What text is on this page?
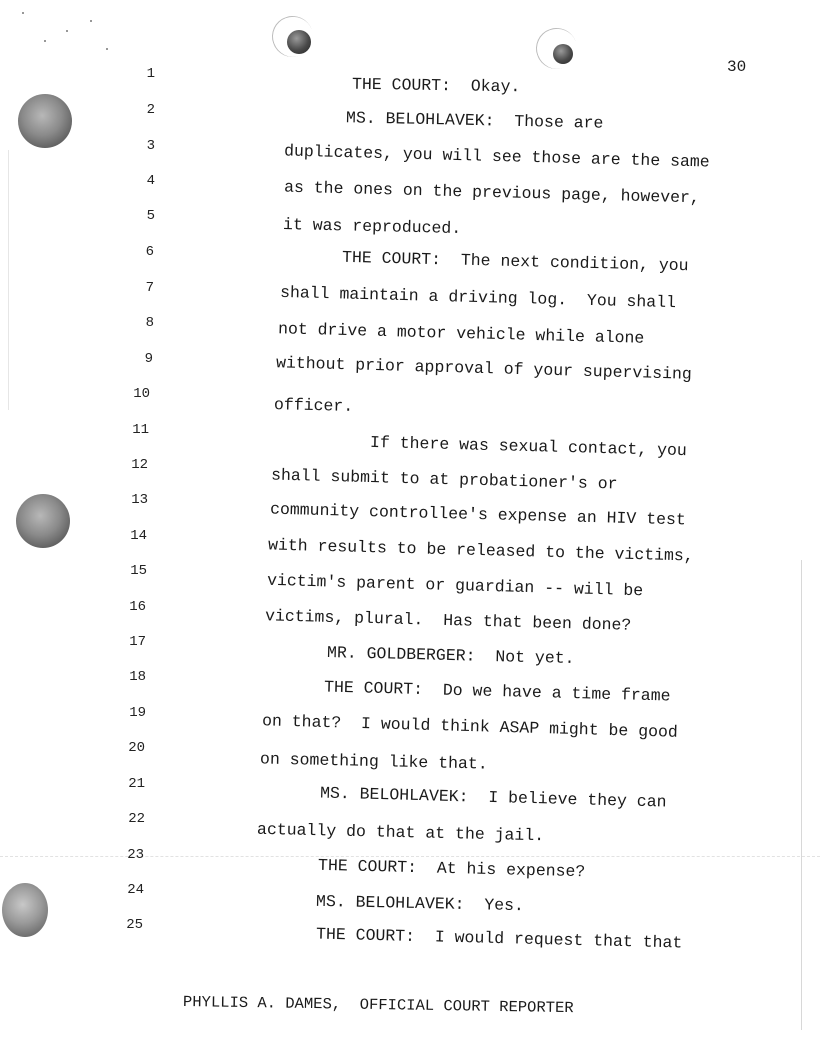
30
1
2
3
4
5
6
7
8
9
10
11
12
13
14
15
16
17
18
19
20
21
22
23
24
25
THE COURT:  Okay.
MS. BELOHLAVEK:  Those are
duplicates, you will see those are the same
as the ones on the previous page, however,
it was reproduced.
THE COURT:  The next condition, you
shall maintain a driving log.  You shall
not drive a motor vehicle while alone
without prior approval of your supervising
officer.
If there was sexual contact, you
shall submit to at probationer's or
community controllee's expense an HIV test
with results to be released to the victims,
victim's parent or guardian -- will be
victims, plural.  Has that been done?
MR. GOLDBERGER:  Not yet.
THE COURT:  Do we have a time frame
on that?  I would think ASAP might be good
on something like that.
MS. BELOHLAVEK:  I believe they can
actually do that at the jail.
THE COURT:  At his expense?
MS. BELOHLAVEK:  Yes.
THE COURT:  I would request that that
PHYLLIS A. DAMES,  OFFICIAL COURT REPORTER
